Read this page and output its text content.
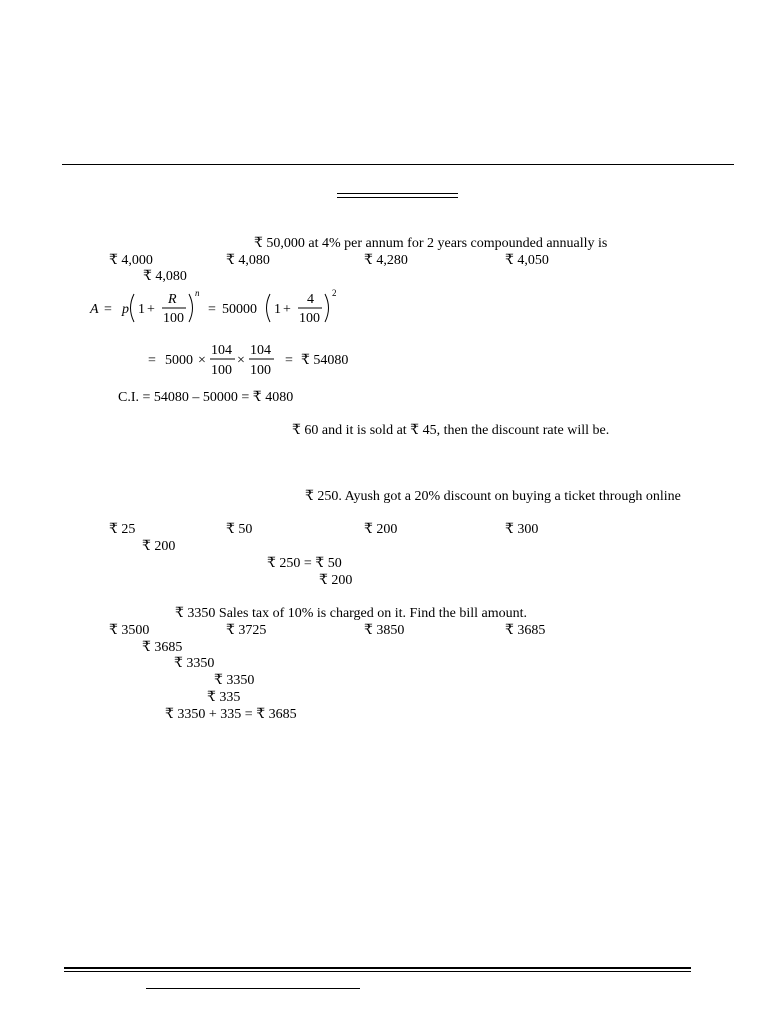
₹ 50,000 at 4% per annum for 2 years compounded annually is
₹ 4,000	₹ 4,080	₹ 4,280	₹ 4,050
₹ 4,080
A = p 1 +
R
100
n
= 50000 1 +
4
100
2
= 5000 ×
104
100
×
104
100
= ₹ 54080
C.I. = 54080 – 50000 = ₹ 4080
₹ 60 and it is sold at ₹ 45, then the discount rate will be.
₹ 250. Ayush got a 20% discount on buying a ticket through online
₹ 25	₹ 50	₹ 200	₹ 300
₹ 200
₹ 250 = ₹ 50
₹ 200
₹ 3350 Sales tax of 10% is charged on it. Find the bill amount.
₹ 3500	₹ 3725	₹ 3850	₹ 3685
₹ 3685
₹ 3350
₹ 3350
₹ 335
₹ 3350 + 335 = ₹ 3685
